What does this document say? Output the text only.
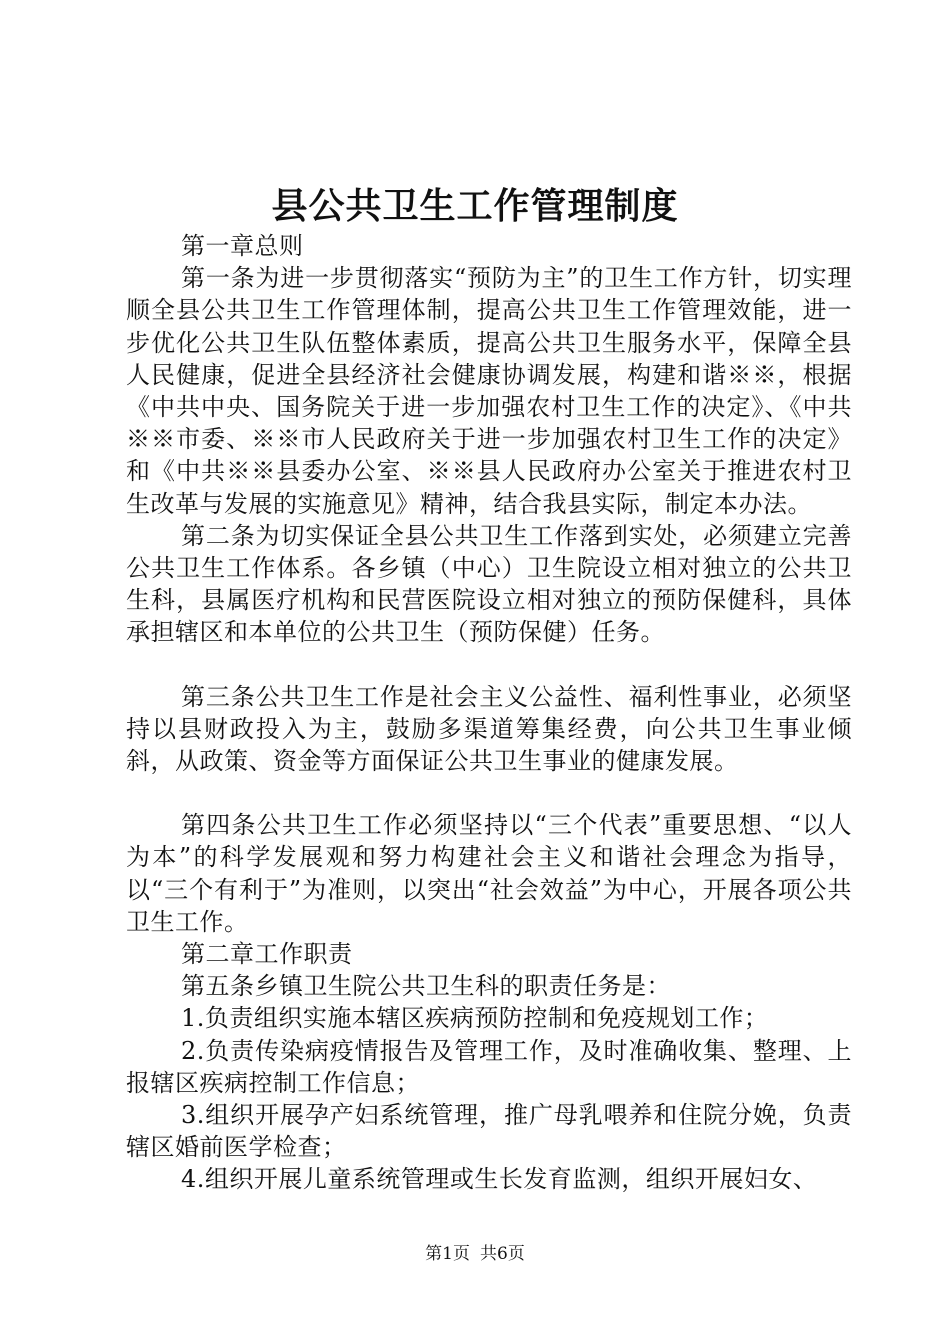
县公共卫生工作管理制度

第一章总则

第一条为进一步贯彻落实“预防为主”的卫生工作方针，切实理顺全县公共卫生工作管理体制，提高公共卫生工作管理效能，进一步优化公共卫生队伍整体素质，提高公共卫生服务水平，保障全县人民健康，促进全县经济社会健康协调发展，构建和谐※※，根据《中共中央、国务院关于进一步加强农村卫生工作的决定》、《中共※※市委、※※市人民政府关于进一步加强农村卫生工作的决定》和《中共※※县委办公室、※※县人民政府办公室关于推进农村卫生改革与发展的实施意见》精神，结合我县实际，制定本办法。

第二条为切实保证全县公共卫生工作落到实处，必须建立完善公共卫生工作体系。各乡镇（中心）卫生院设立相对独立的公共卫生科，县属医疗机构和民营医院设立相对独立的预防保健科，具体承担辖区和本单位的公共卫生（预防保健）任务。

第三条公共卫生工作是社会主义公益性、福利性事业，必须坚持以县财政投入为主，鼓励多渠道筹集经费，向公共卫生事业倾斜，从政策、资金等方面保证公共卫生事业的健康发展。

第四条公共卫生工作必须坚持以“三个代表”重要思想、“以人为本”的科学发展观和努力构建社会主义和谐社会理念为指导，以“三个有利于”为准则，以突出“社会效益”为中心，开展各项公共卫生工作。

第二章工作职责

第五条乡镇卫生院公共卫生科的职责任务是：

1.负责组织实施本辖区疾病预防控制和免疫规划工作；

2.负责传染病疫情报告及管理工作，及时准确收集、整理、上报辖区疾病控制工作信息；

3.组织开展孕产妇系统管理，推广母乳喂养和住院分娩，负责辖区婚前医学检查；

4.组织开展儿童系统管理或生长发育监测，组织开展妇女、

第1页 共6页
